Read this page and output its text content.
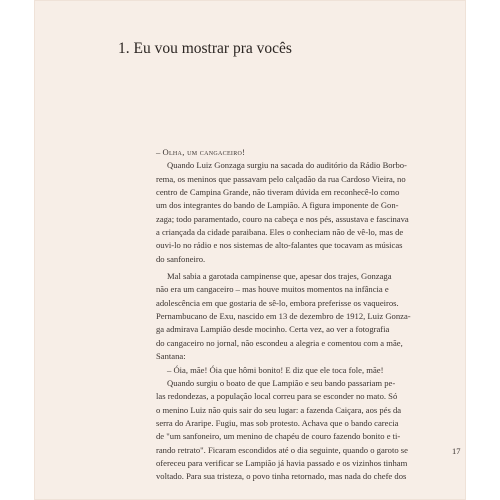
1. Eu vou mostrar pra vocês
– Olha, um cangaceiro!
Quando Luiz Gonzaga surgiu na sacada do auditório da Rádio Borbo-
rema, os meninos que passavam pelo calçadão da rua Cardoso Vieira, no
centro de Campina Grande, não tiveram dúvida em reconhecê-lo como
um dos integrantes do bando de Lampião. A figura imponente de Gon-
zaga; todo paramentado, couro na cabeça e nos pés, assustava e fascinava
a criançada da cidade paraibana. Eles o conheciam não de vê-lo, mas de
ouvi-lo no rádio e nos sistemas de alto-falantes que tocavam as músicas
do sanfoneiro.
Mal sabia a garotada campinense que, apesar dos trajes, Gonzaga
não era um cangaceiro – mas houve muitos momentos na infância e
adolescência em que gostaria de sê-lo, embora preferisse os vaqueiros.
Pernambucano de Exu, nascido em 13 de dezembro de 1912, Luiz Gonza-
ga admirava Lampião desde mocinho. Certa vez, ao ver a fotografia
do cangaceiro no jornal, não escondeu a alegria e comentou com a mãe,
Santana:
– Óia, mãe! Óia que hômi bonito! E diz que ele toca fole, mãe!
Quando surgiu o boato de que Lampião e seu bando passariam pe-
las redondezas, a população local correu para se esconder no mato. Só
o menino Luiz não quis sair do seu lugar: a fazenda Caiçara, aos pés da
serra do Araripe. Fugiu, mas sob protesto. Achava que o bando carecia
de "um sanfoneiro, um menino de chapéu de couro fazendo bonito e ti-
rando retrato". Ficaram escondidos até o dia seguinte, quando o garoto se
ofereceu para verificar se Lampião já havia passado e os vizinhos tinham
voltado. Para sua tristeza, o povo tinha retornado, mas nada do chefe dos
17
